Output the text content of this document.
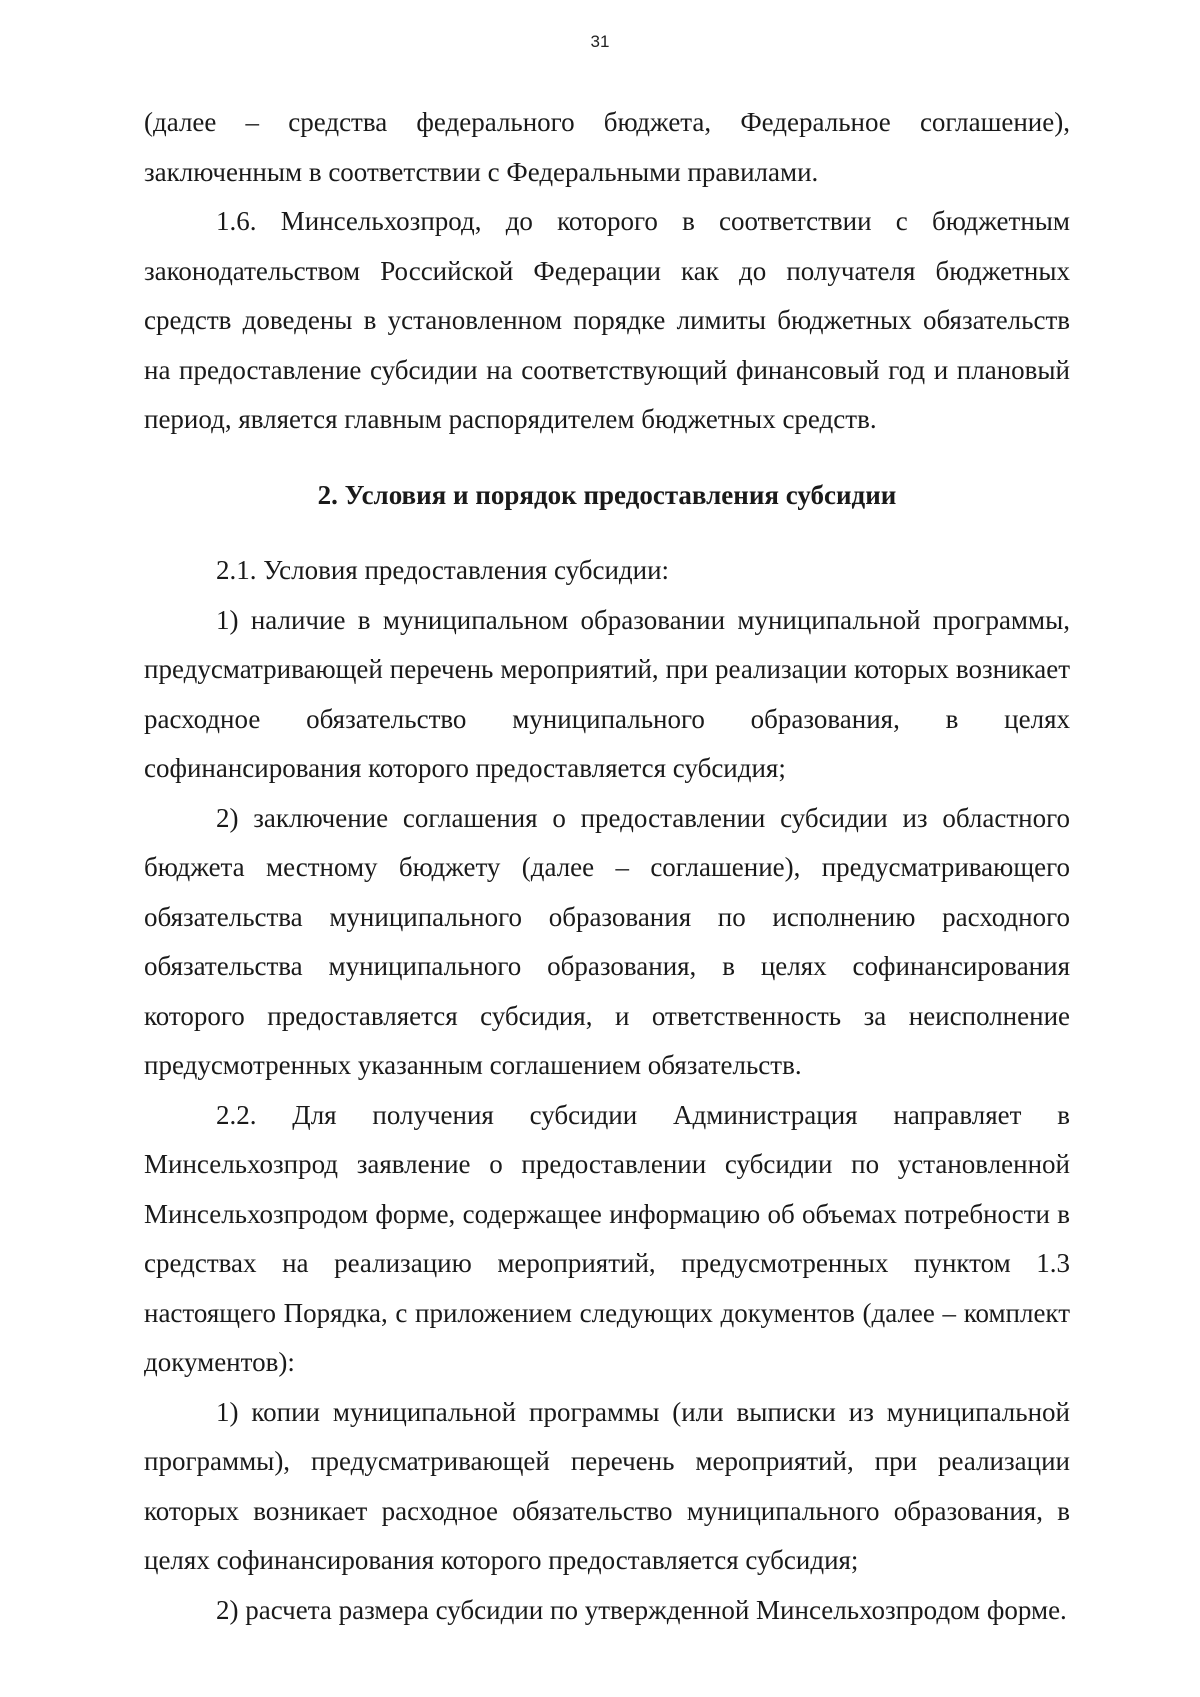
31

(далее – средства федерального бюджета, Федеральное соглашение), заключенным в соответствии с Федеральными правилами.

1.6. Минсельхозпрод, до которого в соответствии с бюджетным законодательством Российской Федерации как до получателя бюджетных средств доведены в установленном порядке лимиты бюджетных обязательств на предоставление субсидии на соответствующий финансовый год и плановый период, является главным распорядителем бюджетных средств.

2. Условия и порядок предоставления субсидии

2.1. Условия предоставления субсидии:

1) наличие в муниципальном образовании муниципальной программы, предусматривающей перечень мероприятий, при реализации которых возникает расходное обязательство муниципального образования, в целях софинансирования которого предоставляется субсидия;

2) заключение соглашения о предоставлении субсидии из областного бюджета местному бюджету (далее – соглашение), предусматривающего обязательства муниципального образования по исполнению расходного обязательства муниципального образования, в целях софинансирования которого предоставляется субсидия, и ответственность за неисполнение предусмотренных указанным соглашением обязательств.

2.2. Для получения субсидии Администрация направляет в Минсельхозпрод заявление о предоставлении субсидии по установленной Минсельхозпродом форме, содержащее информацию об объемах потребности в средствах на реализацию мероприятий, предусмотренных пунктом 1.3 настоящего Порядка, с приложением следующих документов (далее – комплект документов):

1) копии муниципальной программы (или выписки из муниципальной программы), предусматривающей перечень мероприятий, при реализации которых возникает расходное обязательство муниципального образования, в целях софинансирования которого предоставляется субсидия;

2) расчета размера субсидии по утвержденной Минсельхозпродом форме.
